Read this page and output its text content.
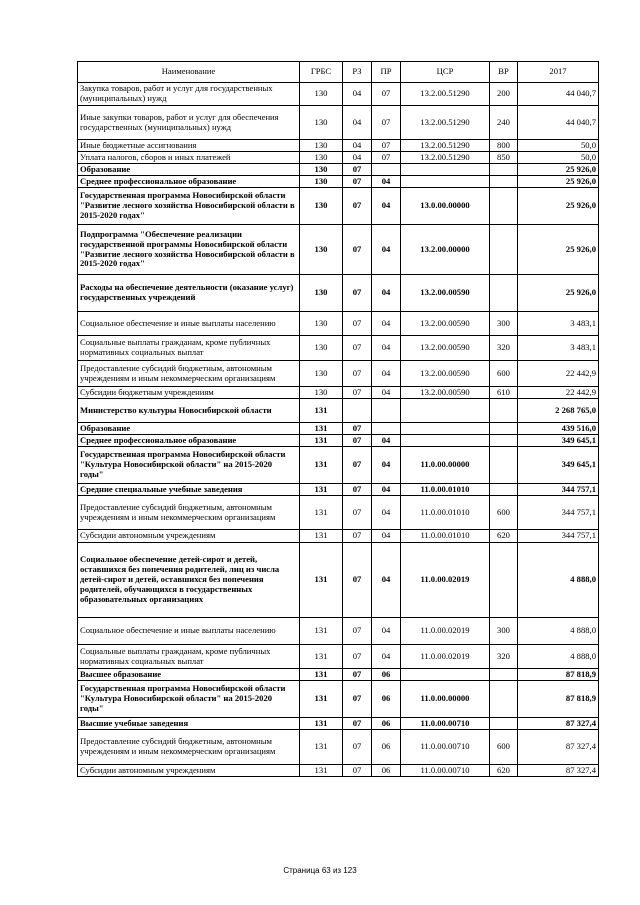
Наименование	ГРБС	РЗ	ПР	ЦСР	ВР	2017
Закупка товаров, работ и услуг для государственных (муниципальных) нужд	130	04	07	13.2.00.51290	200	44 040,7
Иные закупки товаров, работ и услуг для обеспечения государственных (муниципальных) нужд	130	04	07	13.2.00.51290	240	44 040,7
Иные бюджетные ассигнования	130	04	07	13.2.00.51290	800	50,0
Уплата налогов, сборов и иных платежей	130	04	07	13.2.00.51290	850	50,0
Образование	130	07				25 926,0
Среднее профессиональное образование	130	07	04			25 926,0
Государственная программа Новосибирской области "Развитие лесного хозяйства Новосибирской области в 2015-2020 годах"	130	07	04	13.0.00.00000		25 926,0
Подпрограмма "Обеспечение реализации государственной программы Новосибирской области "Развитие лесного хозяйства Новосибирской области в 2015-2020 годах"	130	07	04	13.2.00.00000		25 926,0
Расходы на обеспечение деятельности (оказание услуг) государственных учреждений	130	07	04	13.2.00.00590		25 926,0
Социальное обеспечение и иные выплаты населению	130	07	04	13.2.00.00590	300	3 483,1
Социальные выплаты гражданам, кроме публичных нормативных социальных выплат	130	07	04	13.2.00.00590	320	3 483,1
Предоставление субсидий бюджетным, автономным учреждениям и иным некоммерческим организациям	130	07	04	13.2.00.00590	600	22 442,9
Субсидии бюджетным учреждениям	130	07	04	13.2.00.00590	610	22 442,9
Министерство культуры Новосибирской области	131					2 268 765,0
Образование	131	07				439 516,0
Среднее профессиональное образование	131	07	04			349 645,1
Государственная программа Новосибирской области "Культура Новосибирской области" на 2015-2020 годы"	131	07	04	11.0.00.00000		349 645,1
Средние специальные учебные заведения	131	07	04	11.0.00.01010		344 757,1
Предоставление субсидий бюджетным, автономным учреждениям и иным некоммерческим организациям	131	07	04	11.0.00.01010	600	344 757,1
Субсидии автономным учреждениям	131	07	04	11.0.00.01010	620	344 757,1
Социальное обеспечение детей-сирот и детей, оставшихся без попечения родителей, лиц из числа детей-сирот и детей, оставшихся без попечения родителей, обучающихся в государственных образовательных организациях	131	07	04	11.0.00.02019		4 888,0
Социальное обеспечение и иные выплаты населению	131	07	04	11.0.00.02019	300	4 888,0
Социальные выплаты гражданам, кроме публичных нормативных социальных выплат	131	07	04	11.0.00.02019	320	4 888,0
Высшее образование	131	07	06			87 818,9
Государственная программа Новосибирской области "Культура Новосибирской области" на 2015-2020 годы"	131	07	06	11.0.00.00000		87 818,9
Высшие учебные заведения	131	07	06	11.0.00.00710		87 327,4
Предоставление субсидий бюджетным, автономным учреждениям и иным некоммерческим организациям	131	07	06	11.0.00.00710	600	87 327,4
Субсидии автономным учреждениям	131	07	06	11.0.00.00710	620	87 327,4
Страница 63 из 123
